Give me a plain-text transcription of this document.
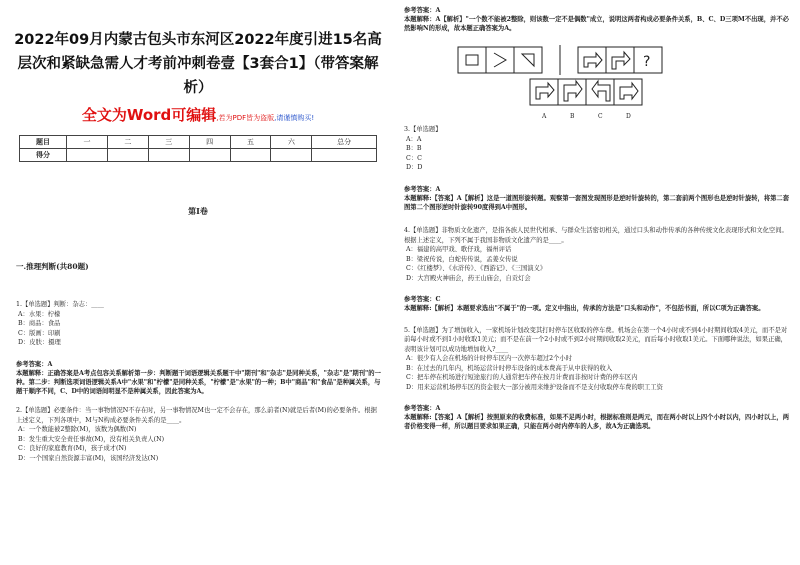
2022年09月内蒙古包头市东河区2022年度引进15名高层次和紧缺急需人才考前冲刺卷壹【3套合1】（带答案解析）
全文为Word可编辑,若为PDF皆为盗版,请谨慎购买!
题目	一	二	三	四	五	六	总分
得分							
第I卷
一.推理判断(共80题)
1.【单选题】判断：杂志：____
A：水果：柠檬
B：商品：食品
C：版画：印刷
D：皮肤：摄理
参考答案：A
本题解释：正确答案是A考点包容关系解析第一步：判断题干词语逻辑关系题干中"期刊"和"杂志"是同种关系，"杂志"是"期刊"的一种。第二步：判断选项词语逻辑关系A中"水果"和"柠檬"是同种关系，"柠檬"是"水果"的一种；B中"商品"和"食品"是种属关系，与题干顺序不同，C、D中的词语间明显不是种属关系，因此答案为A。
2.【单选题】必要条件：当一事物情况N不存在时，另一事物情况M也一定不会存在，那么前者(N)就是后者(M)的必要条件。根据上述定义，下列各项中，M与N构成必要条件关系的是____。
A：一个数能被2整除(M)，该数为偶数(N)
B：发生重大安全责任事故(M)，没有相关负责人(N)
C：良好的家庭教育(M)，孩子成才(N)
D：一个国家自然资源丰富(M)，该国经济发达(N)
参考答案：A
本题解释：A【解析】"一个数不能被2整除，则该数一定不是偶数"成立，说明这两者构成必要条件关系，B、C、D三项M不出现，并不必然影响N的形成，故本题正确答案为A。
?
A	B	C	D
3.【单选题】
A：A
B：B
C：C
D：D
参考答案：A
本题解释:【答案】A【解析】这是一道图形旋转题。观察第一套图发现图形是逆时针旋转的，第二套前两个图形也是逆时针旋转，将第二套图第二个图形逆时针旋转90度得到A中图形。
4.【单选题】非物质文化遗产，是指各族人民世代相承、与群众生活密切相关，通过口头和动作传承的各种传统文化表现形式和文化空间。根据上述定义，下列不属于我国非物质文化遗产的是____。
A：福建的高甲戏、歌仔戏，福州评话
B：梁祝传说，白蛇传传说，孟姜女传说
C：《红楼梦》、《水浒传》、《西游记》、《三国演义》
D：大宫殿火神庙会，药王山庙会，自贡灯会
参考答案：C
本题解释:【解析】本题要求选出"不属于"的一项。定义中指出，传承的方法是"口头和动作"，不包括书面，所以C项为正确答案。
5.【单选题】为了增加收入，一家机场计划改变其打时停车区收取的停车费。机场会在第一个4小时或不到4小时期间收取4美元，而不是对前每小时或不到1小时收取1美元；而不是在前一个2小时或不到2小时期间收取2美元，而后每小时收取1美元。下面哪种说法，如果正确，表明该计划可以成功地增加收入?____
A：很少有人会在机场的计时停车区内一次停车超过2个小时
B：在过去的几年内，机场运营计时停车设备的成本费高于从中获得的收入
C：把车停在机场进行短途旅行的人通常把车停在按月计费而非按时计费的停车区内
D：用来运营机场停车区的资金很大一部分被用来维护设备而不是支付收取停车费的职工工资
参考答案：A
本题解释:【答案】A【解析】按照原来的收费标准，如果不足两小时，根据标准则是两元，而在两小时以上四个小时以内，四小时以上，两者价格变得一样，所以题目要求如果正确，只能在两小时内停车的人多，故A为正确选项。
